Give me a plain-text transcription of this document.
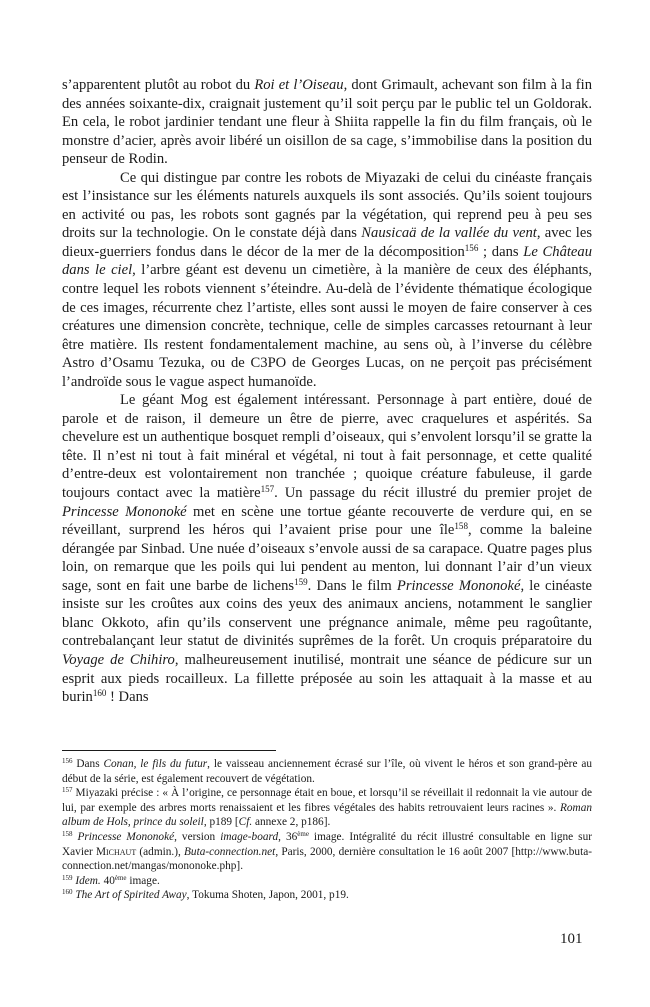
s’apparentent plutôt au robot du Roi et l’Oiseau, dont Grimault, achevant son film à la fin des années soixante-dix, craignait justement qu’il soit perçu par le public tel un Goldorak. En cela, le robot jardinier tendant une fleur à Shiita rappelle la fin du film français, où le monstre d’acier, après avoir libéré un oisillon de sa cage, s’immobilise dans la position du penseur de Rodin.

Ce qui distingue par contre les robots de Miyazaki de celui du cinéaste français est l’insistance sur les éléments naturels auxquels ils sont associés. Qu’ils soient toujours en activité ou pas, les robots sont gagnés par la végétation, qui reprend peu à peu ses droits sur la technologie. On le constate déjà dans Nausicaä de la vallée du vent, avec les dieux-guerriers fondus dans le décor de la mer de la décomposition$^{156}$ ; dans Le Château dans le ciel, l’arbre géant est devenu un cimetière, à la manière de ceux des éléphants, contre lequel les robots viennent s’éteindre. Au-delà de l’évidente thématique écologique de ces images, récurrente chez l’artiste, elles sont aussi le moyen de faire conserver à ces créatures une dimension concrète, technique, celle de simples carcasses retournant à leur être matière. Ils restent fondamentalement machine, au sens où, à l’inverse du célèbre Astro d’Osamu Tezuka, ou de C3PO de Georges Lucas, on ne perçoit pas précisément l’androïde sous le vague aspect humanoïde.

Le géant Mog est également intéressant. Personnage à part entière, doué de parole et de raison, il demeure un être de pierre, avec craquelures et aspérités. Sa chevelure est un authentique bosquet rempli d’oiseaux, qui s’envolent lorsqu’il se gratte la tête. Il n’est ni tout à fait minéral et végétal, ni tout à fait personnage, et cette qualité d’entre-deux est volontairement non tranchée ; quoique créature fabuleuse, il garde toujours contact avec la matière$^{157}$. Un passage du récit illustré du premier projet de Princesse Mononoké met en scène une tortue géante recouverte de verdure qui, en se réveillant, surprend les héros qui l’avaient prise pour une île$^{158}$, comme la baleine dérangée par Sinbad. Une nuée d’oiseaux s’envole aussi de sa carapace. Quatre pages plus loin, on remarque que les poils qui lui pendent au menton, lui donnant l’air d’un vieux sage, sont en fait une barbe de lichens$^{159}$. Dans le film Princesse Mononoké, le cinéaste insiste sur les croûtes aux coins des yeux des animaux anciens, notamment le sanglier blanc Okkoto, afin qu’ils conservent une prégnance animale, même peu ragoûtante, contrebalançant leur statut de divinités suprêmes de la forêt. Un croquis préparatoire du Voyage de Chihiro, malheureusement inutilisé, montrait une séance de pédicure sur un esprit aux pieds rocailleux. La fillette préposée au soin les attaquait à la masse et au burin$^{160}$ ! Dans

$^{156}$ Dans Conan, le fils du futur, le vaisseau anciennement écrasé sur l’île, où vivent le héros et son grand-père au début de la série, est également recouvert de végétation.

$^{157}$ Miyazaki précise : « À l’origine, ce personnage était en boue, et lorsqu’il se réveillait il redonnait la vie autour de lui, par exemple des arbres morts renaissaient et les fibres végétales des habits retrouvaient leurs racines ». Roman album de Hols, prince du soleil, p189 [Cf. annexe 2, p186].

$^{158}$ Princesse Mononoké, version image-board, 36ème image. Intégralité du récit illustré consultable en ligne sur Xavier Michaut (admin.), Buta-connection.net, Paris, 2000, dernière consultation le 16 août 2007 [http://www.buta-connection.net/mangas/mononoke.php].

$^{159}$ Idem. 40ème image.

$^{160}$ The Art of Spirited Away, Tokuma Shoten, Japon, 2001, p19.

101
